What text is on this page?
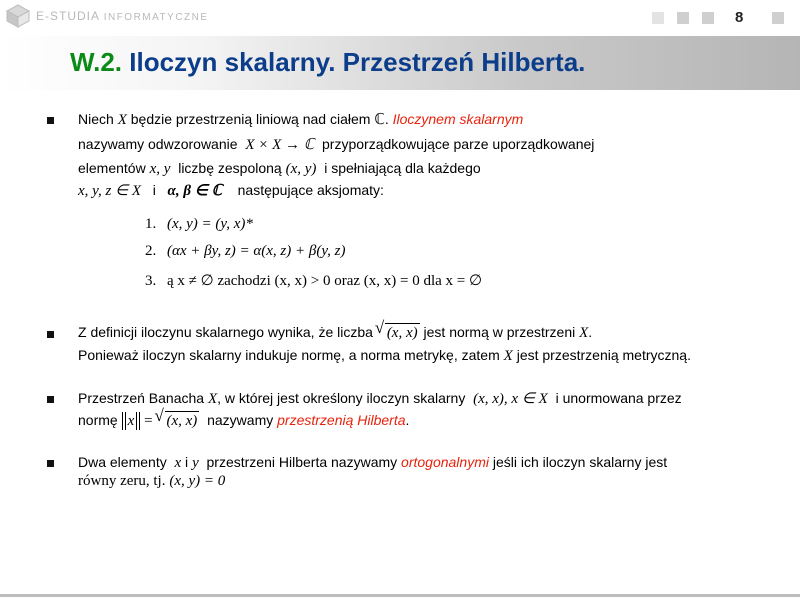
E-STUDIA INFORMATYCZNE	8
W.2. Iloczyn skalarny. Przestrzeń Hilberta.
Niech X będzie przestrzenią liniową nad ciałem ℂ. Iloczynem skalarnym
nazywamy odwzorowanie X × X → ℂ przyporządkowujące parze uporządkowanej
elementów x, y liczbę zespoloną (x, y) i spełniającą dla każdego
x, y, z ∈ X i α, β ∈ ℂ następujące aksjomaty:
1. (x, y) = (y, x)*
2. (αx + βy, z) = α(x, z) + β(y, z)
3. ą x ≠ ∅ zachodzi (x, x) > 0 oraz (x, x) = 0 dla x = ∅
Z definicji iloczynu skalarnego wynika, że liczba √ (x, x) jest normą w przestrzeni X.
Ponieważ iloczyn skalarny indukuje normę, a norma metrykę, zatem X jest przestrzenią metryczną.
Przestrzeń Banacha X, w której jest określony iloczyn skalarny (x, x), x ∈ X i unormowana przez
normę x = √ (x, x) nazywamy przestrzenią Hilberta.
Dwa elementy x i y przestrzeni Hilberta nazywamy ortogonalnymi jeśli ich iloczyn skalarny jest
równy zeru, tj. (x, y) = 0
